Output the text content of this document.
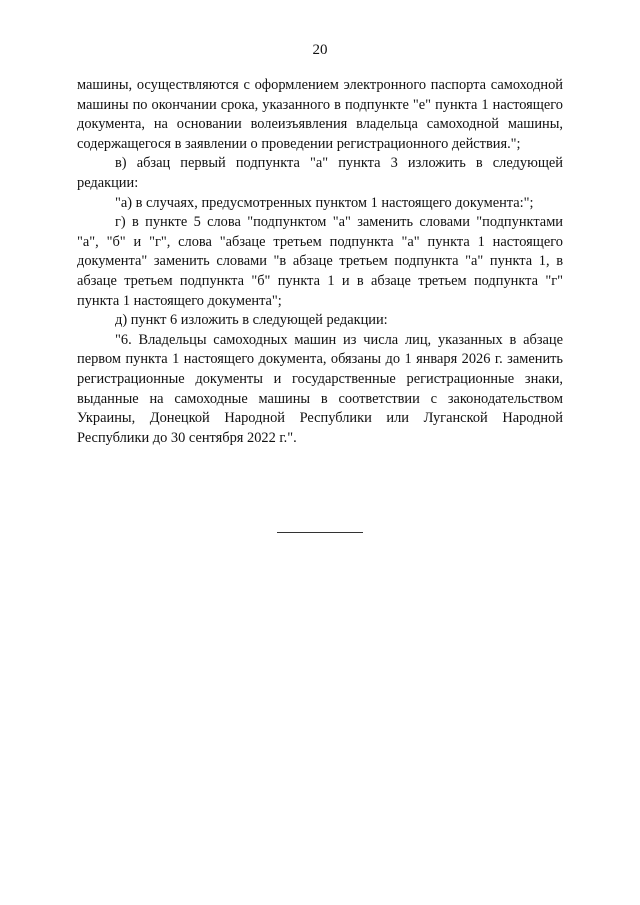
20

машины, осуществляются с оформлением электронного паспорта самоходной машины по окончании срока, указанного в подпункте "е" пункта 1 настоящего документа, на основании волеизъявления владельца самоходной машины, содержащегося в заявлении о проведении регистрационного действия.";

в) абзац первый подпункта "а" пункта 3 изложить в следующей редакции:

"а) в случаях, предусмотренных пунктом 1 настоящего документа:";

г) в пункте 5 слова "подпунктом "а" заменить словами "подпунктами "а", "б" и "г", слова "абзаце третьем подпункта "а" пункта 1 настоящего документа" заменить словами "в абзаце третьем подпункта "а" пункта 1, в абзаце третьем подпункта "б" пункта 1 и в абзаце третьем подпункта "г" пункта 1 настоящего документа";

д) пункт 6 изложить в следующей редакции:

"6. Владельцы самоходных машин из числа лиц, указанных в абзаце первом пункта 1 настоящего документа, обязаны до 1 января 2026 г. заменить регистрационные документы и государственные регистрационные знаки, выданные на самоходные машины в соответствии с законодательством Украины, Донецкой Народной Республики или Луганской Народной Республики до 30 сентября 2022 г.".
